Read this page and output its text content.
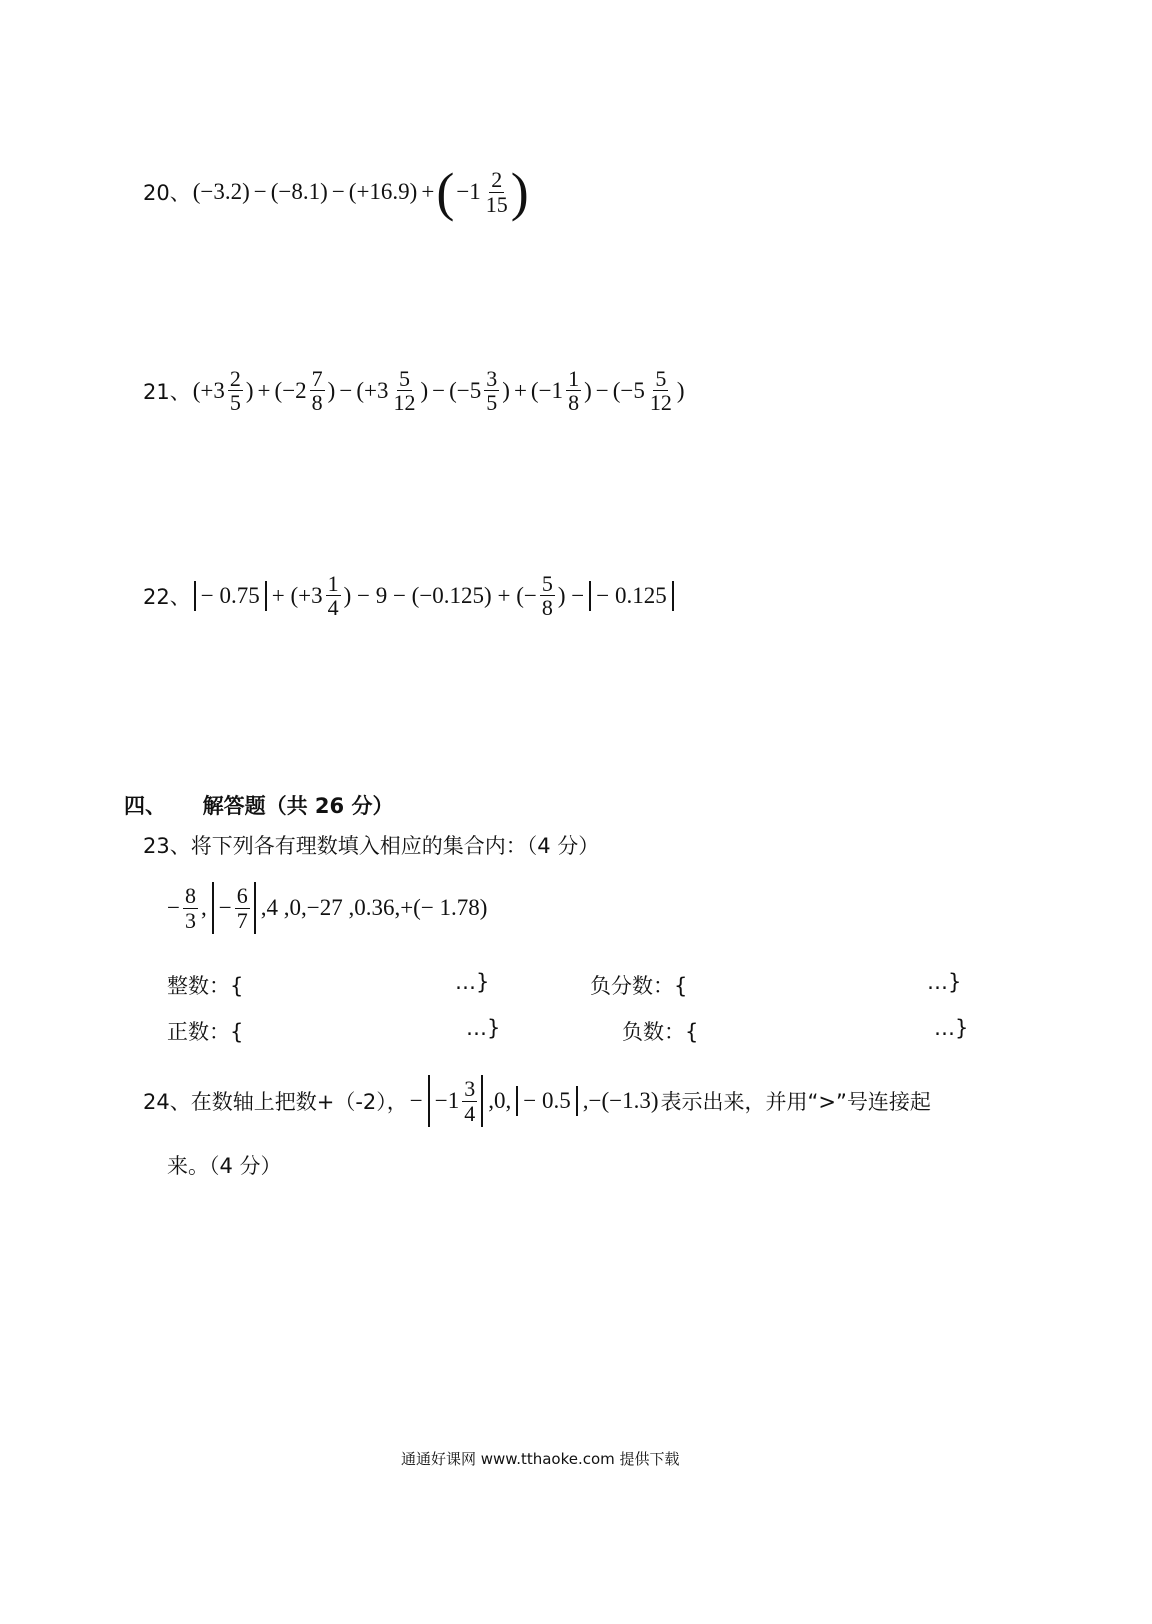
20、 (−3.2) − (−8.1) − (+16.9) + ( $-1 \frac{2}{15}$ )
21、 ($+3 \frac{2}{5}$ ) + ($-2 \frac{7}{8}$ ) − ($+3 \frac{5}{12}$ ) − ($-5 \frac{3}{5}$ ) + ($-1 \frac{1}{8}$ ) − ($-5 \frac{5}{12}$ )
22、 − $0.75 + (+3 \frac{1}{4}$ ) − 9 − (−0.125) + (− $\frac{5}{8}$ ) − − 0.125
四、 解答题（共 26 分）
23、将下列各有理数填入相应的集合内：（4 分）
− $\frac{8}{3}$ , − $\frac{6}{7} ,4$ ,0,−27 ,0.36,+(− 1.78)
整数：{	…}	负分数：{	…}
正数：{	…}	负数：{	…}
24、在数轴上把数+（-2）， − $-1 \frac{3}{4} ,0$, − 0.5 ,−(−1.3) 表示出来，并用“>”号连接起
来。（4 分）
通通好课网 www.tthaoke.com 提供下载
